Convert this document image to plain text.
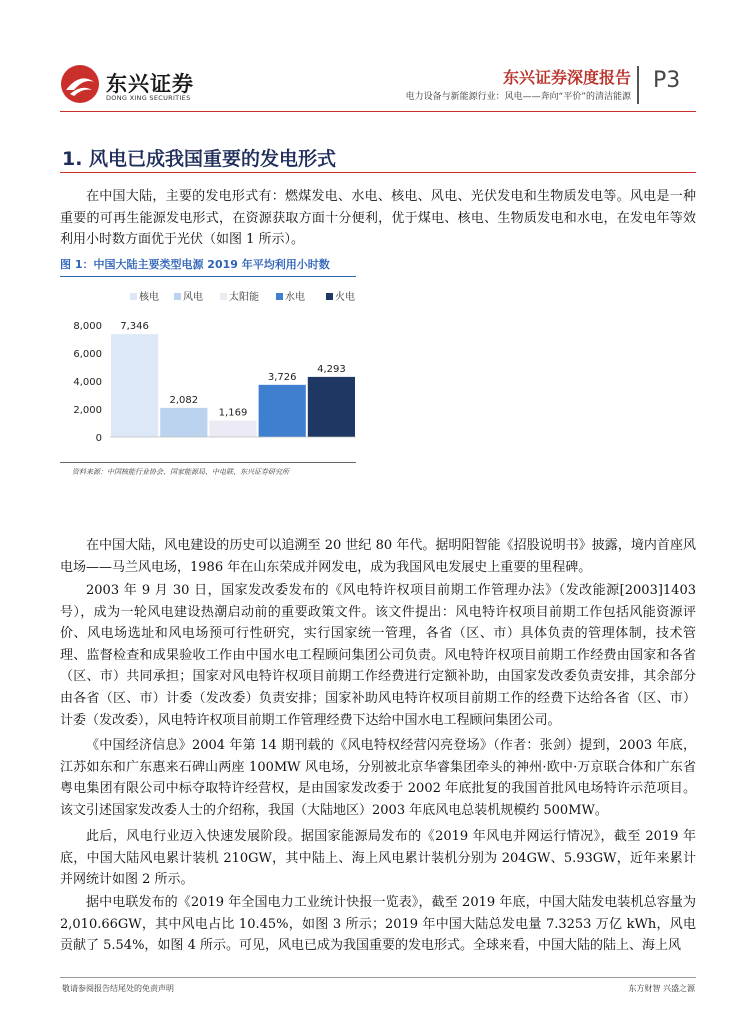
东兴证券
DONG XING SECURITIES
东兴证券深度报告
电力设备与新能源行业：风电——奔向“平价”的清洁能源
P3
1. 风电已成我国重要的发电形式

在中国大陆，主要的发电形式有：燃煤发电、水电、核电、风电、光伏发电和生物质发电等。风电是一种重要的可再生能源发电形式，在资源获取方面十分便利，优于煤电、核电、生物质发电和水电，在发电年等效利用小时数方面优于光伏（如图 1 所示）。

图 1：中国大陆主要类型电源 2019 年平均利用小时数
核电 风电	太阳能	水电	火电
0
2,000
4,000
6,000
8,000 7,346
2,082
1,169
3,726
4,293
资料来源：中国核能行业协会、国家能源局、中电联、东兴证券研究所

在中国大陆，风电建设的历史可以追溯至 20 世纪 80 年代。据明阳智能《招股说明书》披露，境内首座风电场——马兰风电场，1986 年在山东荣成并网发电，成为我国风电发展史上重要的里程碑。

2003 年 9 月 30 日，国家发改委发布的《风电特许权项目前期工作管理办法》（发改能源[2003]1403 号），成为一轮风电建设热潮启动前的重要政策文件。该文件提出：风电特许权项目前期工作包括风能资源评价、风电场选址和风电场预可行性研究，实行国家统一管理，各省（区、市）具体负责的管理体制，技术管理、监督检查和成果验收工作由中国水电工程顾问集团公司负责。风电特许权项目前期工作经费由国家和各省（区、市）共同承担；国家对风电特许权项目前期工作经费进行定额补助，由国家发改委负责安排，其余部分由各省（区、市）计委（发改委）负责安排；国家补助风电特许权项目前期工作的经费下达给各省（区、市）计委（发改委），风电特许权项目前期工作管理经费下达给中国水电工程顾问集团公司。

《中国经济信息》2004 年第 14 期刊载的《风电特权经营闪亮登场》（作者：张剑）提到，2003 年底，江苏如东和广东惠来石碑山两座 100MW 风电场，分别被北京华睿集团牵头的神州·欧中·万京联合体和广东省粤电集团有限公司中标夺取特许经营权，是由国家发改委于 2002 年底批复的我国首批风电场特许示范项目。该文引述国家发改委人士的介绍称，我国（大陆地区）2003 年底风电总装机规模约 500MW。

此后，风电行业迈入快速发展阶段。据国家能源局发布的《2019 年风电并网运行情况》，截至 2019 年底，中国大陆风电累计装机 210GW，其中陆上、海上风电累计装机分别为 204GW、5.93GW，近年来累计并网统计如图 2 所示。

据中电联发布的《2019 年全国电力工业统计快报一览表》，截至 2019 年底，中国大陆发电装机总容量为 2,010.66GW，其中风电占比 10.45%，如图 3 所示；2019 年中国大陆总发电量 7.3253 万亿 kWh，风电贡献了 5.54%，如图 4 所示。可见，风电已成为我国重要的发电形式。全球来看，中国大陆的陆上、海上风

敬请参阅报告结尾处的免责声明	东方财智 兴盛之源
